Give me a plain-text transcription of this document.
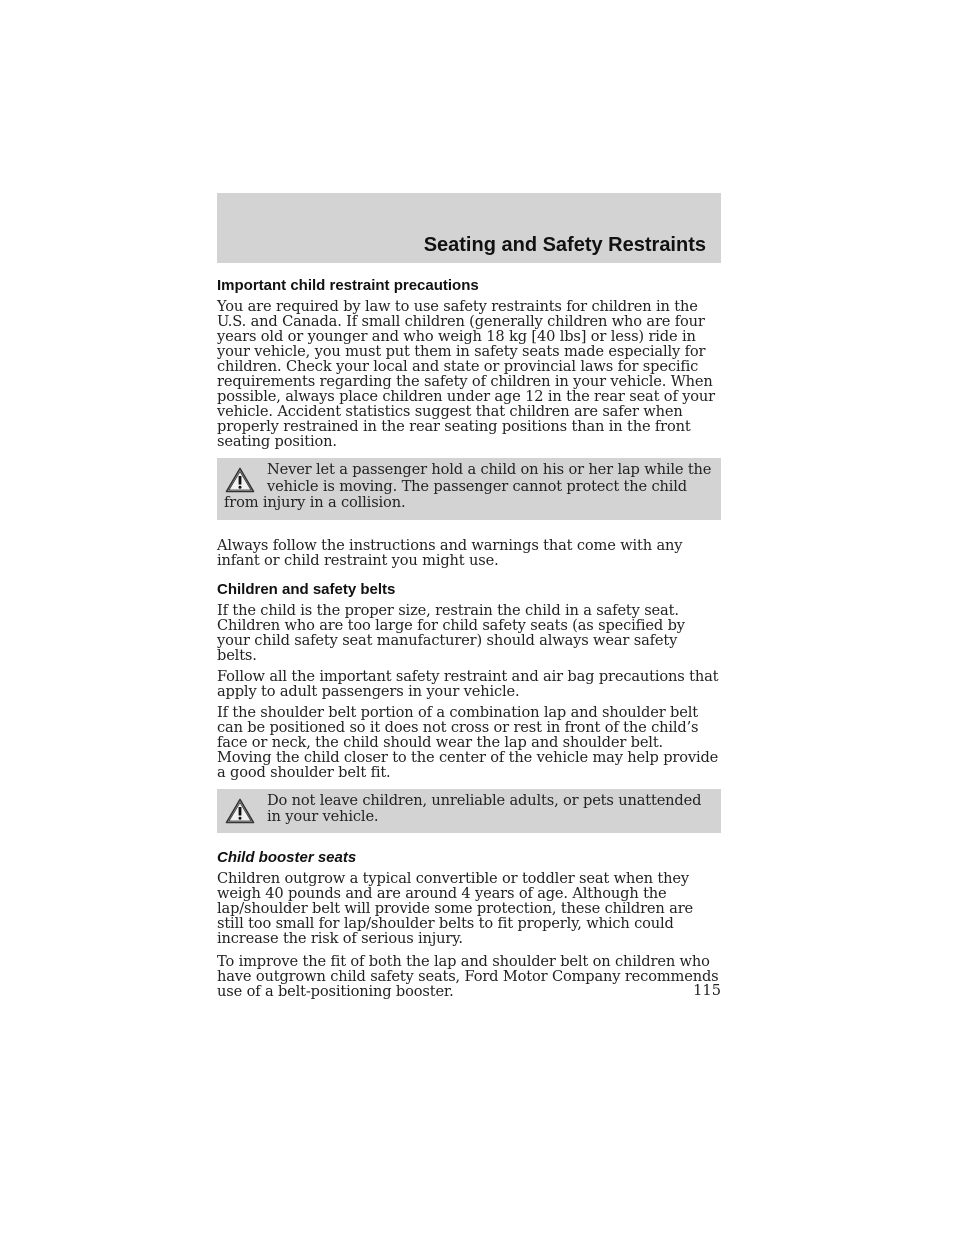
Seating and Safety Restraints
Important child restraint precautions

You are required by law to use safety restraints for children in the U.S. and Canada. If small children (generally children who are four years old or younger and who weigh 18 kg [40 lbs] or less) ride in your vehicle, you must put them in safety seats made especially for children. Check your local and state or provincial laws for specific requirements regarding the safety of children in your vehicle. When possible, always place children under age 12 in the rear seat of your vehicle. Accident statistics suggest that children are safer when properly restrained in the rear seating positions than in the front seating position.

Never let a passenger hold a child on his or her lap while the vehicle is moving. The passenger cannot protect the child from injury in a collision.

Always follow the instructions and warnings that come with any infant or child restraint you might use.

Children and safety belts

If the child is the proper size, restrain the child in a safety seat. Children who are too large for child safety seats (as specified by your child safety seat manufacturer) should always wear safety belts.

Follow all the important safety restraint and air bag precautions that apply to adult passengers in your vehicle.

If the shoulder belt portion of a combination lap and shoulder belt can be positioned so it does not cross or rest in front of the child’s face or neck, the child should wear the lap and shoulder belt. Moving the child closer to the center of the vehicle may help provide a good shoulder belt fit.

Do not leave children, unreliable adults, or pets unattended in your vehicle.
Child booster seats

Children outgrow a typical convertible or toddler seat when they weigh 40 pounds and are around 4 years of age. Although the lap/shoulder belt will provide some protection, these children are still too small for lap/shoulder belts to fit properly, which could increase the risk of serious injury.

To improve the fit of both the lap and shoulder belt on children who have outgrown child safety seats, Ford Motor Company recommends use of a belt-positioning booster.	115
